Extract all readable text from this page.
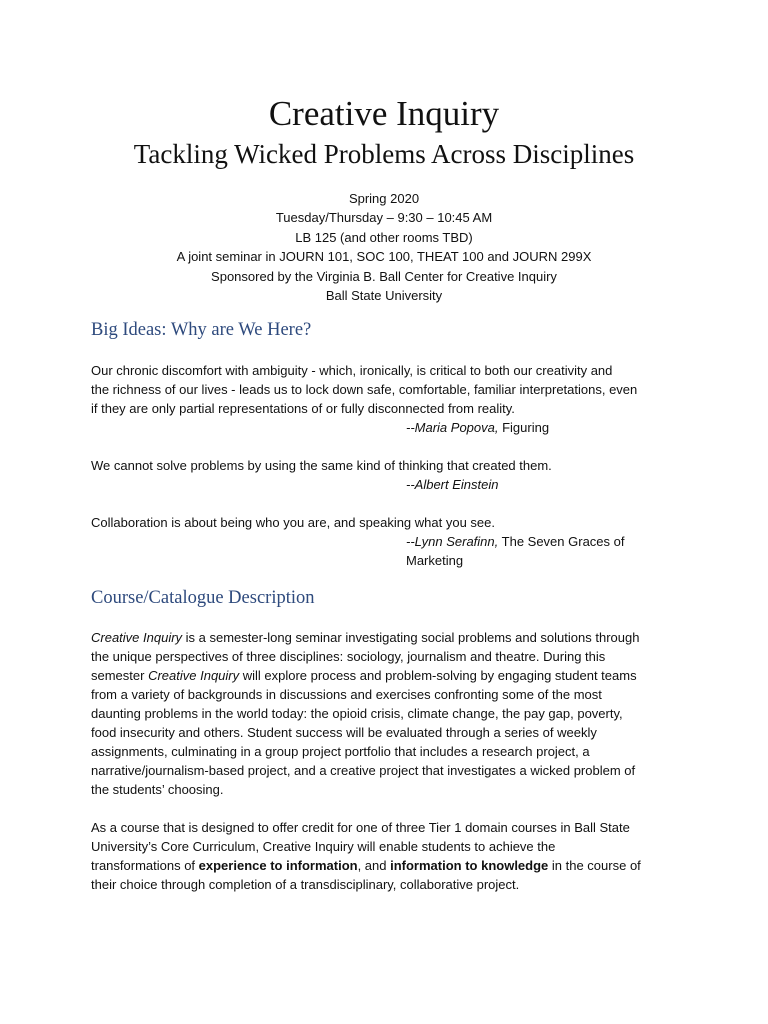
Creative Inquiry
Tackling Wicked Problems Across Disciplines
Spring 2020
Tuesday/Thursday – 9:30 – 10:45 AM
LB 125 (and other rooms TBD)
A joint seminar in JOURN 101, SOC 100, THEAT 100 and JOURN 299X
Sponsored by the Virginia B. Ball Center for Creative Inquiry
Ball State University
Big Ideas: Why are We Here?
Our chronic discomfort with ambiguity - which, ironically, is critical to both our creativity and
the richness of our lives - leads us to lock down safe, comfortable, familiar interpretations, even
if they are only partial representations of or fully disconnected from reality.
--Maria Popova, Figuring
We cannot solve problems by using the same kind of thinking that created them.
--Albert Einstein
Collaboration is about being who you are, and speaking what you see.
--Lynn Serafinn, The Seven Graces of
Marketing
Course/Catalogue Description
Creative Inquiry is a semester-long seminar investigating social problems and solutions through
the unique perspectives of three disciplines: sociology, journalism and theatre. During this
semester Creative Inquiry will explore process and problem-solving by engaging student teams
from a variety of backgrounds in discussions and exercises confronting some of the most
daunting problems in the world today: the opioid crisis, climate change, the pay gap, poverty,
food insecurity and others. Student success will be evaluated through a series of weekly
assignments, culminating in a group project portfolio that includes a research project, a
narrative/journalism-based project, and a creative project that investigates a wicked problem of
the students’ choosing.
As a course that is designed to offer credit for one of three Tier 1 domain courses in Ball State
University’s Core Curriculum, Creative Inquiry will enable students to achieve the
transformations of experience to information, and information to knowledge in the course of
their choice through completion of a transdisciplinary, collaborative project.
